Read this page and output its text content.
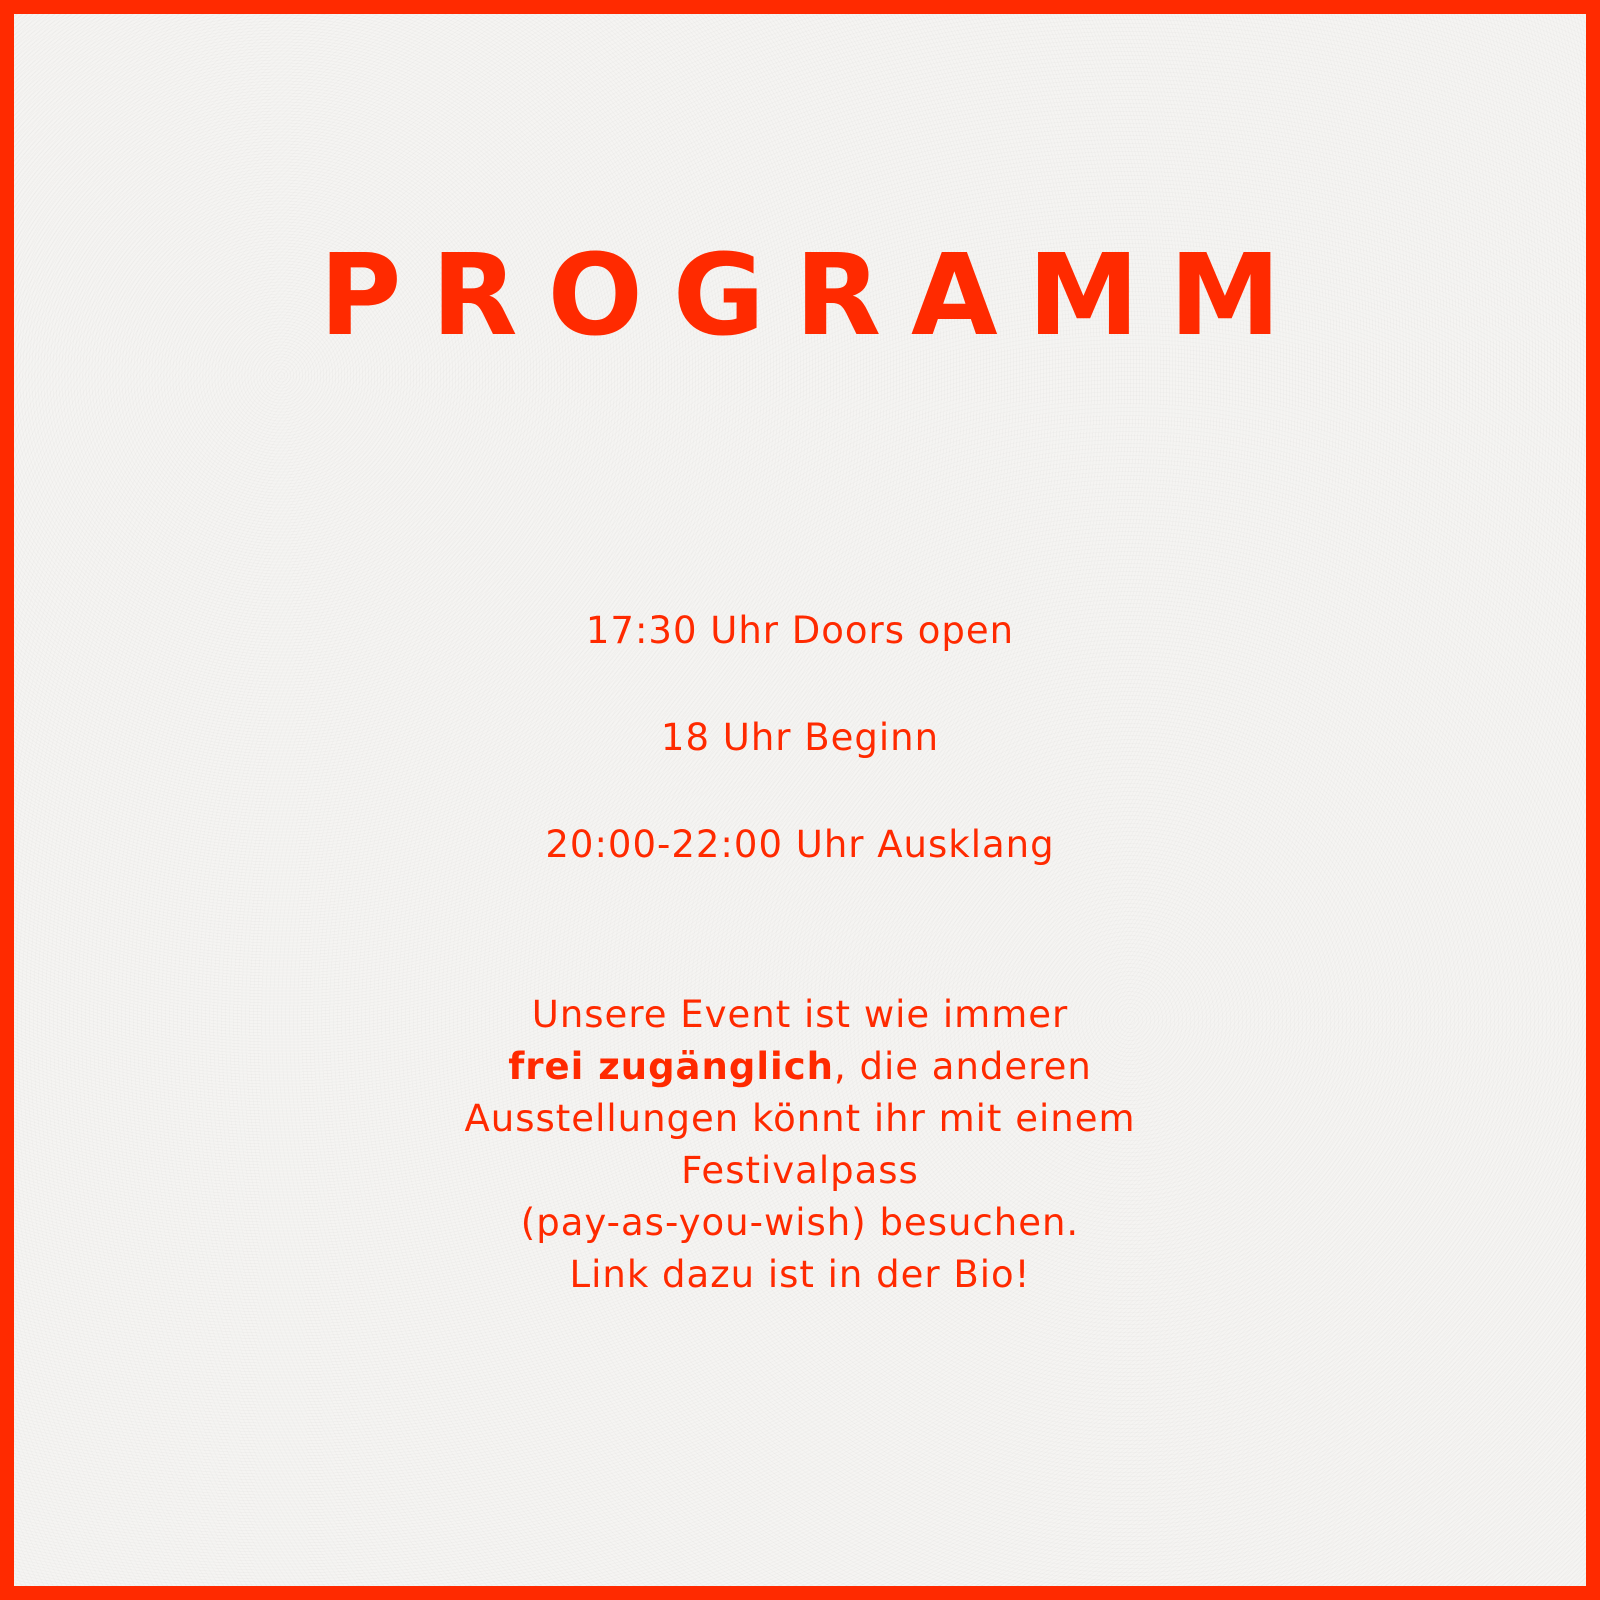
PROGRAMM
17:30 Uhr Doors open
18 Uhr Beginn
20:00-22:00 Uhr Ausklang
Unsere Event ist wie immer
frei zugänglich, die anderen
Ausstellungen könnt ihr mit einem
Festivalpass
(pay-as-you-wish) besuchen.
Link dazu ist in der Bio!
